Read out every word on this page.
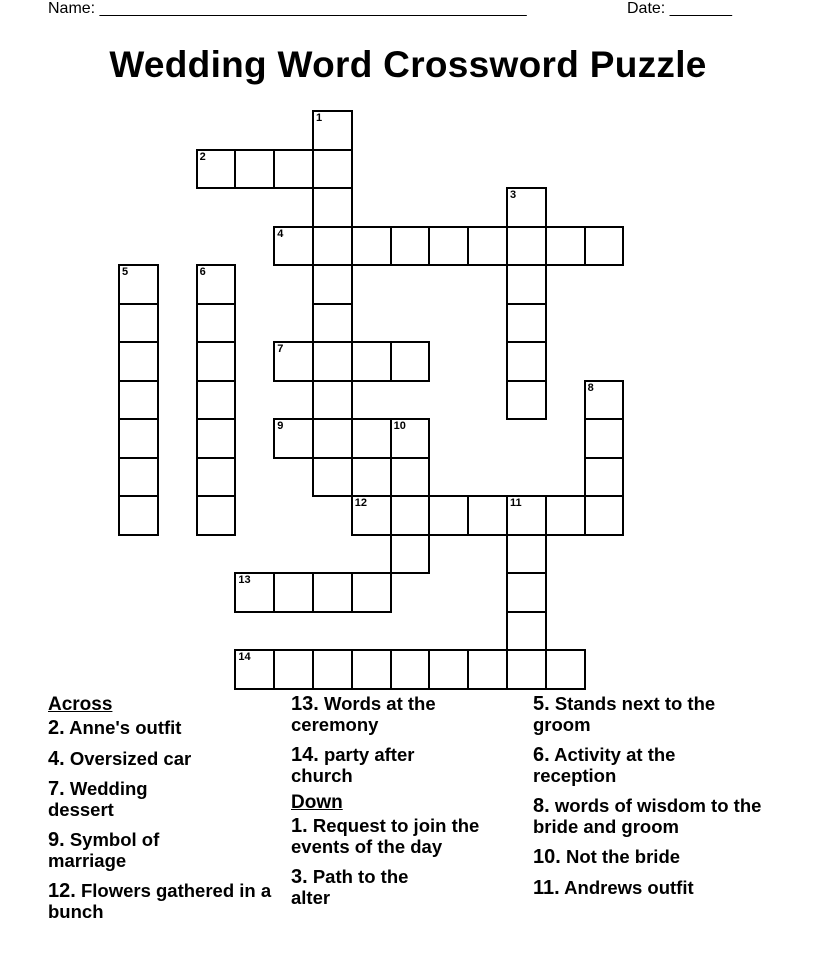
Name: ________________________________________________	Date: _______
Wedding Word Crossword Puzzle
1
2
4
3
5	6
7
8
9	10
12	11
13
14
Across
2. Anne's outfit
4. Oversized car
7. Wedding dessert
9. Symbol of marriage
12. Flowers gathered in a bunch
13. Words at the ceremony
14. party after church
Down
1. Request to join the events of the day
3. Path to the alter
5. Stands next to the groom
6. Activity at the reception
8. words of wisdom to the bride and groom
10. Not the bride
11. Andrews outfit
